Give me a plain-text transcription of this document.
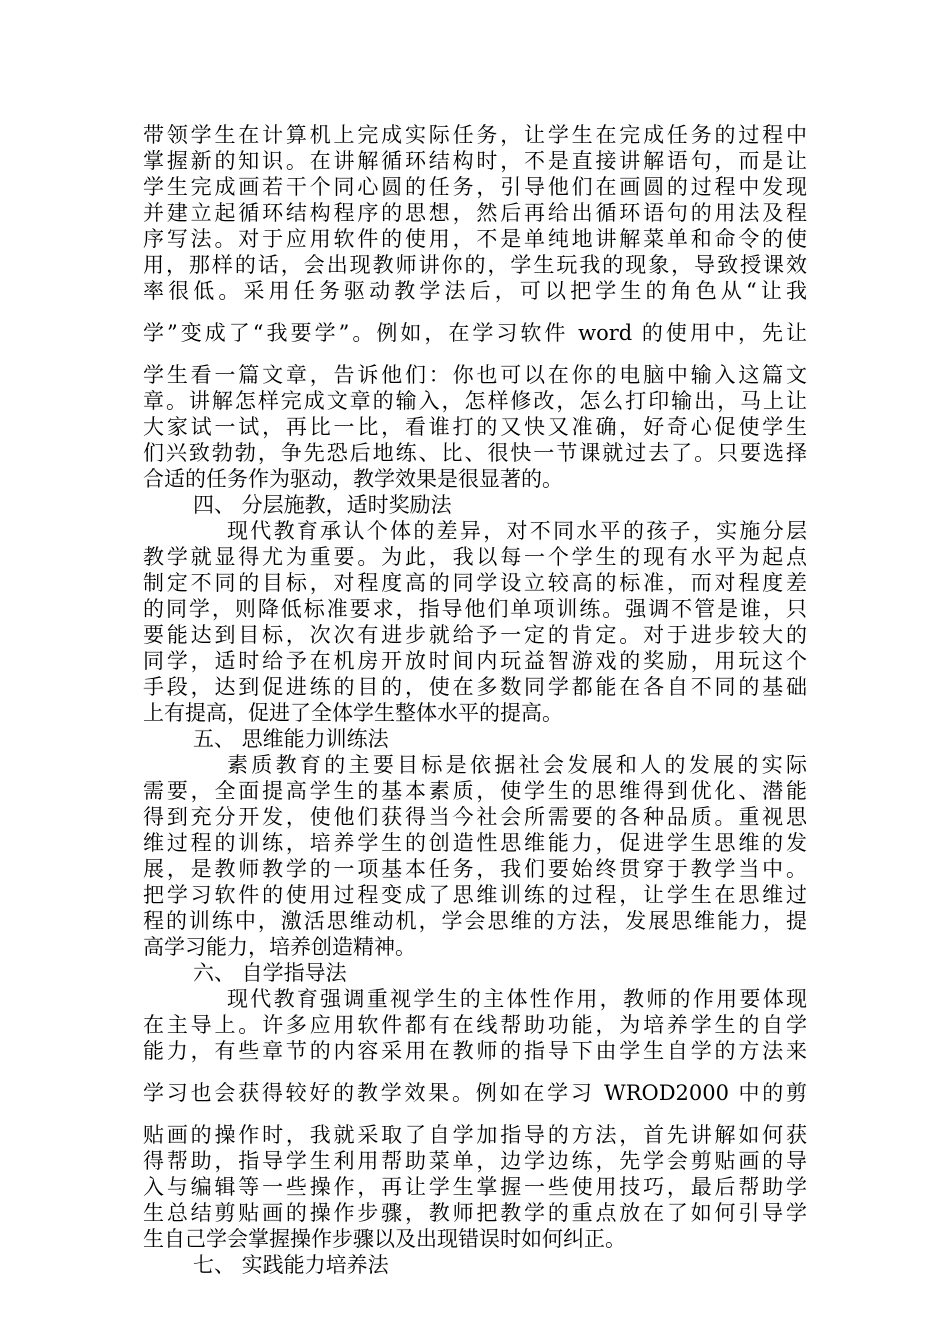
带领学生在计算机上完成实际任务，让学生在完成任务的过程中
掌握新的知识。在讲解循环结构时，不是直接讲解语句，而是让
学生完成画若干个同心圆的任务，引导他们在画圆的过程中发现
并建立起循环结构程序的思想，然后再给出循环语句的用法及程
序写法。对于应用软件的使用，不是单纯地讲解菜单和命令的使
用，那样的话，会出现教师讲你的，学生玩我的现象，导致授课效
率很低。采用任务驱动教学法后，可以把学生的角色从“让我
学”变成了“我要学”。例如，在学习软件 word 的使用中，先让
学生看一篇文章，告诉他们：你也可以在你的电脑中输入这篇文
章。讲解怎样完成文章的输入，怎样修改，怎么打印输出，马上让
大家试一试，再比一比，看谁打的又快又准确，好奇心促使学生
们兴致勃勃，争先恐后地练、比、很快一节课就过去了。只要选择
合适的任务作为驱动，教学效果是很显著的。
四、 分层施教，适时奖励法
现代教育承认个体的差异，对不同水平的孩子，实施分层
教学就显得尤为重要。为此，我以每一个学生的现有水平为起点
制定不同的目标，对程度高的同学设立较高的标准，而对程度差
的同学，则降低标准要求，指导他们单项训练。强调不管是谁，只
要能达到目标，次次有进步就给予一定的肯定。对于进步较大的
同学，适时给予在机房开放时间内玩益智游戏的奖励，用玩这个
手段，达到促进练的目的，使在多数同学都能在各自不同的基础
上有提高，促进了全体学生整体水平的提高。
五、 思维能力训练法
素质教育的主要目标是依据社会发展和人的发展的实际
需要，全面提高学生的基本素质，使学生的思维得到优化、潜能
得到充分开发，使他们获得当今社会所需要的各种品质。重视思
维过程的训练，培养学生的创造性思维能力，促进学生思维的发
展，是教师教学的一项基本任务，我们要始终贯穿于教学当中。
把学习软件的使用过程变成了思维训练的过程，让学生在思维过
程的训练中，激活思维动机，学会思维的方法，发展思维能力，提
高学习能力，培养创造精神。
六、 自学指导法
现代教育强调重视学生的主体性作用，教师的作用要体现
在主导上。许多应用软件都有在线帮助功能，为培养学生的自学
能力，有些章节的内容采用在教师的指导下由学生自学的方法来
学习也会获得较好的教学效果。例如在学习 WROD2000 中的剪
贴画的操作时，我就采取了自学加指导的方法，首先讲解如何获
得帮助，指导学生利用帮助菜单，边学边练，先学会剪贴画的导
入与编辑等一些操作，再让学生掌握一些使用技巧，最后帮助学
生总结剪贴画的操作步骤，教师把教学的重点放在了如何引导学
生自己学会掌握操作步骤以及出现错误时如何纠正。
七、 实践能力培养法
